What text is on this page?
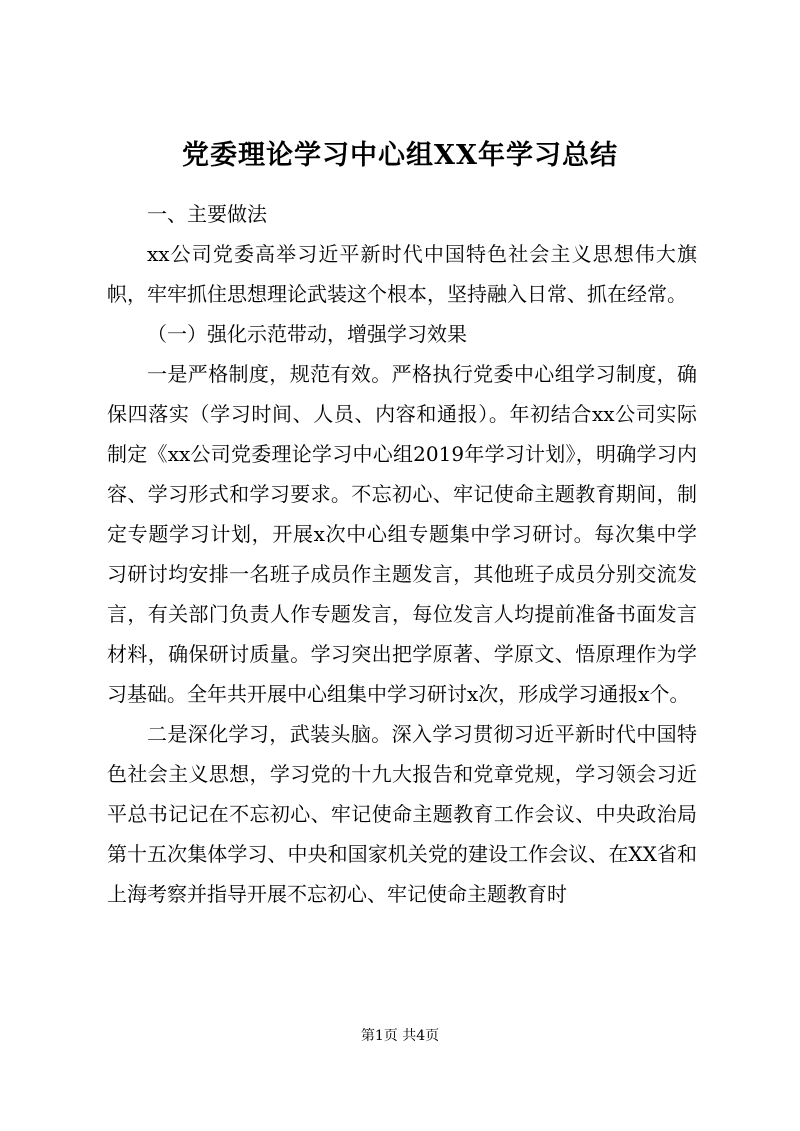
党委理论学习中心组XX年学习总结
一、主要做法

xx公司党委高举习近平新时代中国特色社会主义思想伟大旗帜，牢牢抓住思想理论武装这个根本，坚持融入日常、抓在经常。

（一）强化示范带动，增强学习效果

一是严格制度，规范有效。严格执行党委中心组学习制度，确保四落实（学习时间、人员、内容和通报）。年初结合xx公司实际制定《xx公司党委理论学习中心组2019年学习计划》，明确学习内容、学习形式和学习要求。不忘初心、牢记使命主题教育期间，制定专题学习计划，开展x次中心组专题集中学习研讨。每次集中学习研讨均安排一名班子成员作主题发言，其他班子成员分别交流发言，有关部门负责人作专题发言，每位发言人均提前准备书面发言材料，确保研讨质量。学习突出把学原著、学原文、悟原理作为学习基础。全年共开展中心组集中学习研讨x次，形成学习通报x个。

二是深化学习，武装头脑。深入学习贯彻习近平新时代中国特色社会主义思想，学习党的十九大报告和党章党规，学习领会习近平总书记记在不忘初心、牢记使命主题教育工作会议、中央政治局第十五次集体学习、中央和国家机关党的建设工作会议、在XX省和上海考察并指导开展不忘初心、牢记使命主题教育时

第1页 共4页
